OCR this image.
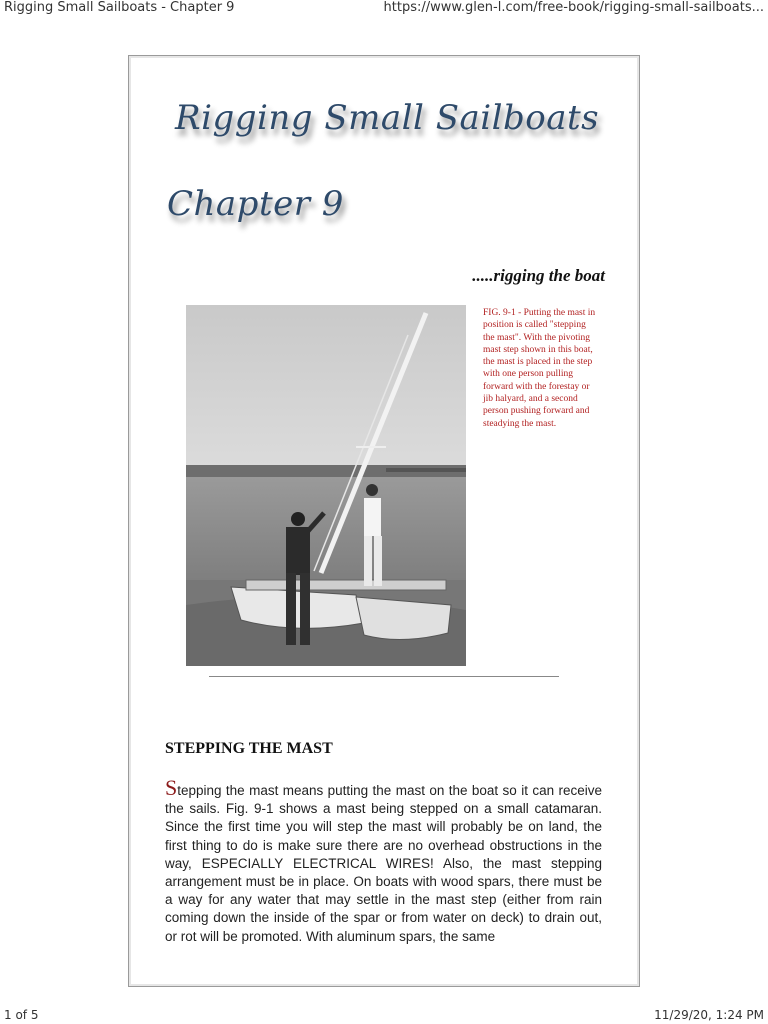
Rigging Small Sailboats - Chapter 9	https://www.glen-l.com/free-book/rigging-small-sailboats...
Rigging Small Sailboats
Chapter 9
.....rigging the boat
FIG. 9-1 - Putting the mast in position is called "stepping the mast". With the pivoting mast step shown in this boat, the mast is placed in the step with one person pulling forward with the forestay or jib halyard, and a second person pushing forward and steadying the mast.
STEPPING THE MAST
Stepping the mast means putting the mast on the boat so it can receive the sails. Fig. 9-1 shows a mast being stepped on a small catamaran. Since the first time you will step the mast will probably be on land, the first thing to do is make sure there are no overhead obstructions in the way, ESPECIALLY ELECTRICAL WIRES! Also, the mast stepping arrangement must be in place. On boats with wood spars, there must be a way for any water that may settle in the mast step (either from rain coming down the inside of the spar or from water on deck) to drain out, or rot will be promoted. With aluminum spars, the same
1 of 5	11/29/20, 1:24 PM
